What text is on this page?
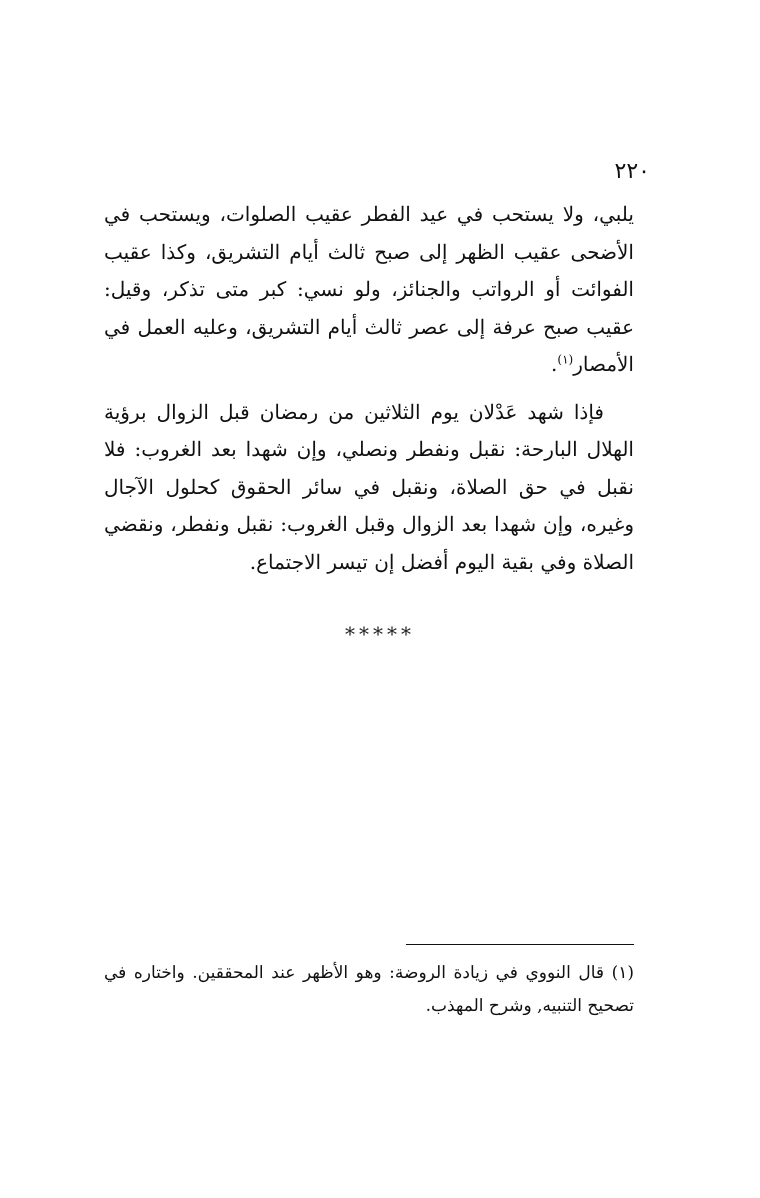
٢٢٠

يلبي، ولا يستحب في عيد الفطر عقيب الصلوات، ويستحب في الأضحى عقيب الظهر إلى صبح ثالث أيام التشريق، وكذا عقيب الفوائت أو الرواتب والجنائز، ولو نسي: كبر متى تذكر، وقيل: عقيب صبح عرفة إلى عصر ثالث أيام التشريق، وعليه العمل في الأمصار$^{(١)}$.

فإذا شهد عَدْلان يوم الثلاثين من رمضان قبل الزوال برؤية الهلال البارحة: نقبل ونفطر ونصلي، وإن شهدا بعد الغروب: فلا نقبل في حق الصلاة، ونقبل في سائر الحقوق كحلول الآجال وغيره، وإن شهدا بعد الزوال وقبل الغروب: نقبل ونفطر، ونقضي الصلاة وفي بقية اليوم أفضل إن تيسر الاجتماع.

*****

(١) قال النووي في زيادة الروضة: وهو الأظهر عند المحققين. واختاره في تصحيح التنبيه, وشرح المهذب.
